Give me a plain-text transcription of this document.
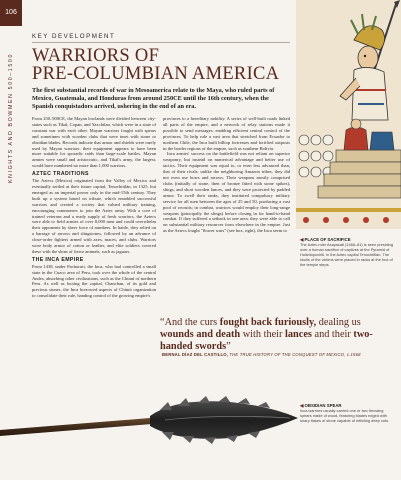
106
KNIGHTS AND BOWMEN 500–1500
KEY DEVELOPMENT
WARRIORS OF
PRE-COLUMBIAN AMERICA
The first substantial records of war in Mesoamerica relate to the Maya, who ruled parts of Mexico, Guatemala, and Honduras from around 250CE until the 16th century, when the Spanish conquistadors arrived, ushering in the end of an era.

From 250–900CE, the Mayan lowlands were divided between city-states such as Tikal, Copan, and Yaxchilan, which were in a state of constant war with each other. Mayan warriors fought with spears and sometimes with wooden clubs that were inset with stone or obsidian blades. Records indicate that armor and shields were rarely used by Mayan warriors: their equipment appears to have been more suitable for sporadic raids than large-scale battles. Mayan armies were small and aristocratic, and Tikal's army, the largest, would have numbered no more than 1,000 warriors.

AZTEC TRADITIONS

The Aztecs (Mexica) originated from the Valley of Mexico and eventually settled at their future capital, Tenochtitlán, in 1325, but emerged as an imperial power only in the mid-15th century. They built up a system based on tribute, which ennobled successful warriors and created a society that valued military training, encouraging commoners to join the Aztec army. With a core of trained veterans and a ready supply of fresh warriors, the Aztecs were able to field armies of over 8,000 men and could overwhelm their opponents by sheer force of numbers. In battle, they relied on a barrage of arrows and slingstones, followed by an advance of close-order fighters armed with axes, maces, and clubs. Warriors wore body armor of cotton or leather, and elite soldiers covered these with the skins of fierce animals, such as jaguars.

THE INCA EMPIRE

From 1438, under Pachacuti, the Inca, who had controlled a small state in the Cuzco area of Peru, took over the whole of the central Andes, absorbing other civilizations, such as the Chimú of northern Peru. As well as looting the capital, Chanchan, of its gold and precious stones, the Inca borrowed aspects of Chimú organization to consolidate their rule, handing control of the growing empire's

provinces to a hereditary nobility. A series of well-built roads linked all parts of the empire, and a network of relay stations made it possible to send messages, enabling efficient central control of the provinces. To help rule a vast area that stretched from Ecuador to northern Chile, the Inca built hilltop fortresses and fortified outposts in the border regions of the empire, such as southern Bolivia.

Inca armies' success on the battlefield was not reliant on superior weaponry, but instead on numerical advantage and better use of tactics. Their equipment was equal to, or even less advanced than, that of their rivals; unlike the neighboring Amazon tribes, they did not even use bows and arrows. Their weapons mostly comprised clubs (initially of stone, then of bronze fitted with stone spikes), slings, and short wooden lances, and they were protected by padded armor. To swell their ranks, they instituted compulsory military service for all men between the ages of 25 and 50, producing a vast pool of recruits; in combat, warriors would employ their long-range weapons (principally the slings) before closing in for hand-to-hand combat. If they suffered a setback in one area, they were able to call on substantial military resources from elsewhere in the empire. Just as the Aztecs fought "flower wars" (see box, right), the Inca seem to

◀ PLACE OF SACRIFICE
The Aztec ruler Axayacatl (1468–81) is seen presiding over a human sacrifice of captives at the Pyramid of Huitzilopochtli, in the Aztec capital Tenochtitlán. The skulls of the victims were placed in racks at the foot of the temple steps.
“And the curs fought back furiously, dealing us wounds and death with their lances and their two-handed swords”
BERNAL DÍAZ DEL CASTILLO, THE TRUE HISTORY OF THE CONQUEST OF MEXICO, c.1568
◀ OBSIDIAN SPEAR
Inca warriors usually carried one or two throwing spears made of wood, featuring blades edged with sharp flakes of stone capable of inflicting deep cuts.
